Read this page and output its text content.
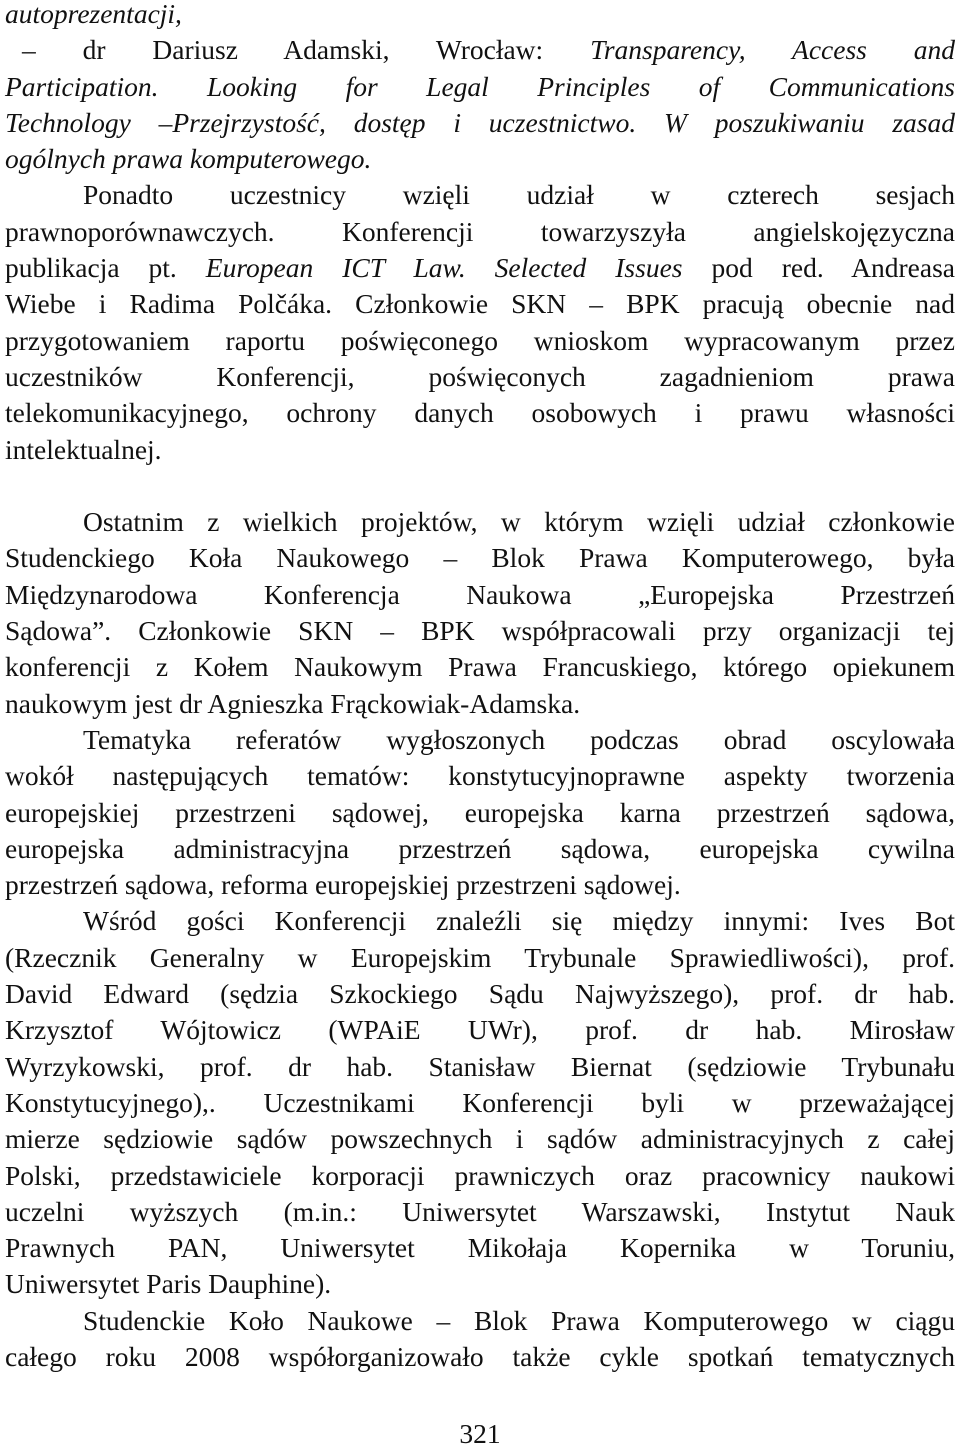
autoprezentacji,
– dr Dariusz Adamski, Wrocław: Transparency, Access and
Participation. Looking for Legal Principles of Communications
Technology –Przejrzystość, dostęp i uczestnictwo. W poszukiwaniu zasad
ogólnych prawa komputerowego.
Ponadto uczestnicy wzięli udział w czterech sesjach
prawnoporównawczych. Konferencji towarzyszyła angielskojęzyczna
publikacja pt. European ICT Law. Selected Issues pod red. Andreasa
Wiebe i Radima Polčáka. Członkowie SKN – BPK pracują obecnie nad
przygotowaniem raportu poświęconego wnioskom wypracowanym przez
uczestników Konferencji, poświęconych zagadnieniom prawa
telekomunikacyjnego, ochrony danych osobowych i prawu własności
intelektualnej.
Ostatnim z wielkich projektów, w którym wzięli udział członkowie
Studenckiego Koła Naukowego – Blok Prawa Komputerowego, była
Międzynarodowa Konferencja Naukowa „Europejska Przestrzeń
Sądowa”. Członkowie SKN – BPK współpracowali przy organizacji tej
konferencji z Kołem Naukowym Prawa Francuskiego, którego opiekunem
naukowym jest dr Agnieszka Frąckowiak-Adamska.
Tematyka referatów wygłoszonych podczas obrad oscylowała
wokół następujących tematów: konstytucyjnoprawne aspekty tworzenia
europejskiej przestrzeni sądowej, europejska karna przestrzeń sądowa,
europejska administracyjna przestrzeń sądowa, europejska cywilna
przestrzeń sądowa, reforma europejskiej przestrzeni sądowej.
Wśród gości Konferencji znaleźli się między innymi: Ives Bot
(Rzecznik Generalny w Europejskim Trybunale Sprawiedliwości), prof.
David Edward (sędzia Szkockiego Sądu Najwyższego), prof. dr hab.
Krzysztof Wójtowicz (WPAiE UWr), prof. dr hab. Mirosław
Wyrzykowski, prof. dr hab. Stanisław Biernat (sędziowie Trybunału
Konstytucyjnego),. Uczestnikami Konferencji byli w przeważającej
mierze sędziowie sądów powszechnych i sądów administracyjnych z całej
Polski, przedstawiciele korporacji prawniczych oraz pracownicy naukowi
uczelni wyższych (m.in.: Uniwersytet Warszawski, Instytut Nauk
Prawnych PAN, Uniwersytet Mikołaja Kopernika w Toruniu,
Uniwersytet Paris Dauphine).
Studenckie Koło Naukowe – Blok Prawa Komputerowego w ciągu
całego roku 2008 współorganizowało także cykle spotkań tematycznych
321
